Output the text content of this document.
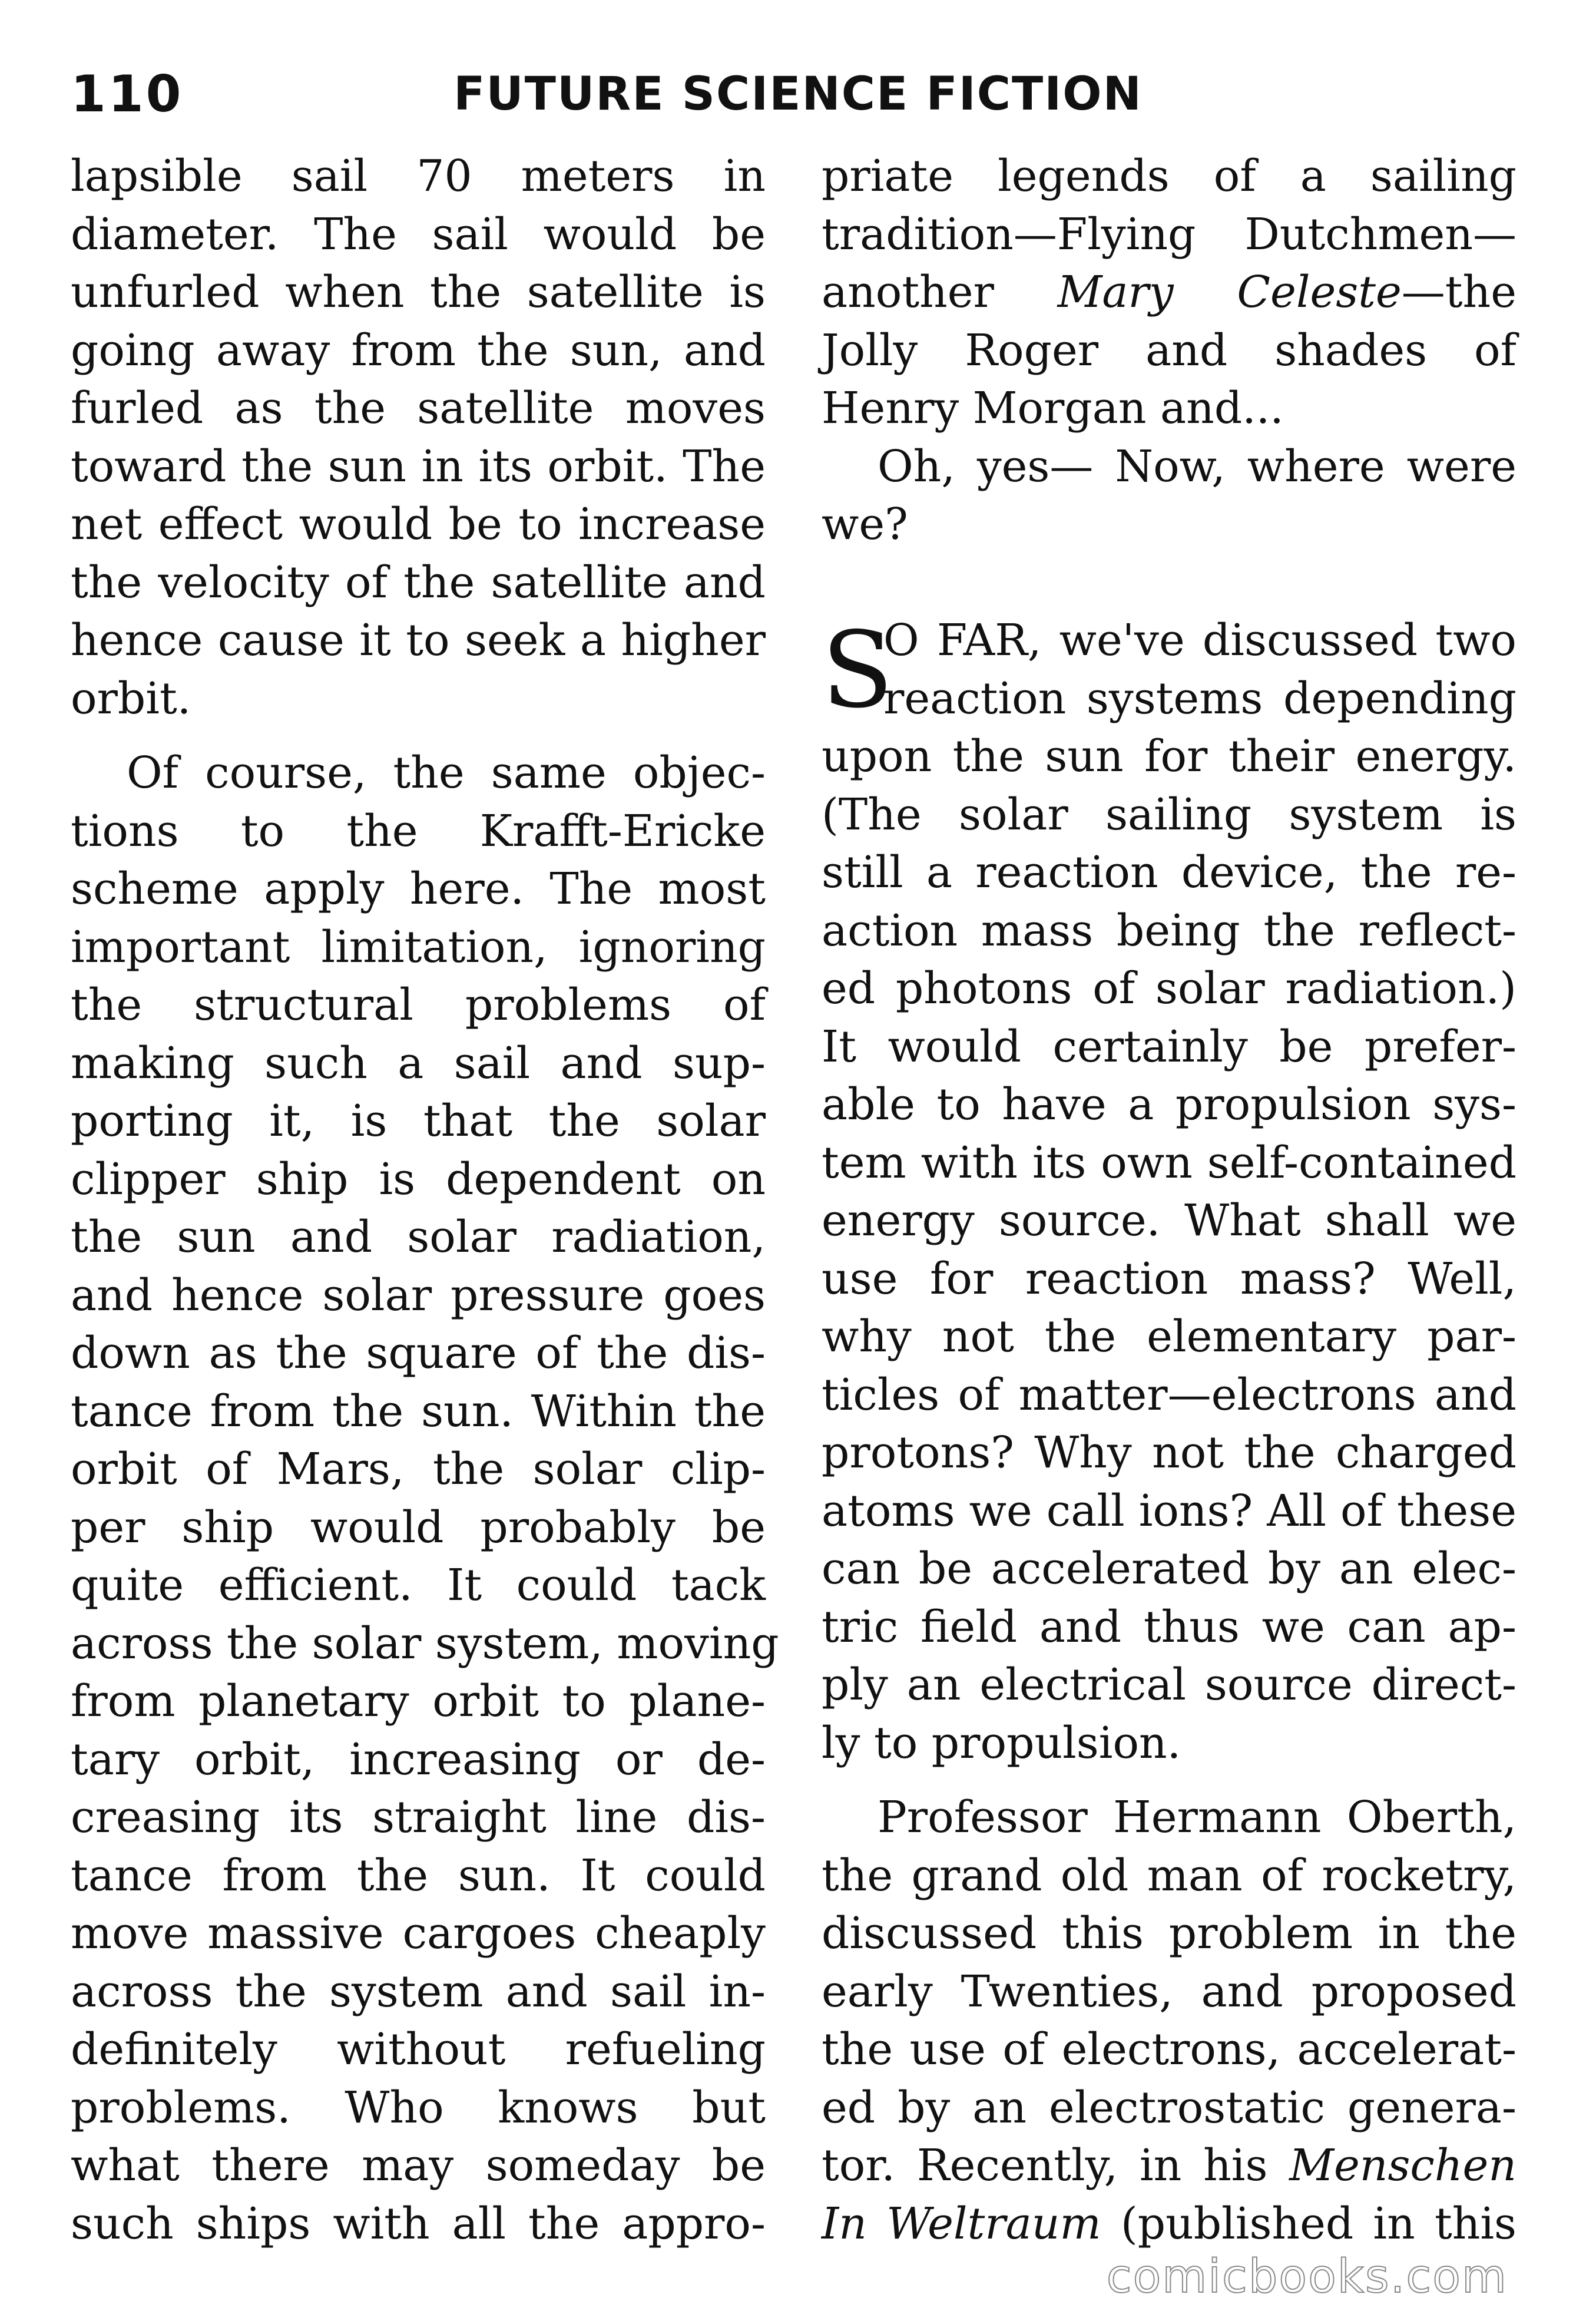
110	FUTURE SCIENCE FICTION
lapsible sail 70 meters in
diameter. The sail would be
unfurled when the satellite is
going away from the sun, and
furled as the satellite moves
toward the sun in its orbit. The
net effect would be to increase
the velocity of the satellite and
hence cause it to seek a higher
orbit.
Of course, the same objec-
tions to the Krafft-Ericke
scheme apply here. The most
important limitation, ignoring
the structural problems of
making such a sail and sup-
porting it, is that the solar
clipper ship is dependent on
the sun and solar radiation,
and hence solar pressure goes
down as the square of the dis-
tance from the sun. Within the
orbit of Mars, the solar clip-
per ship would probably be
quite efficient. It could tack
across the solar system, moving
from planetary orbit to plane-
tary orbit, increasing or de-
creasing its straight line dis-
tance from the sun. It could
move massive cargoes cheaply
across the system and sail in-
definitely without refueling
problems. Who knows but
what there may someday be
such ships with all the appro-
priate legends of a sailing
tradition—Flying Dutchmen—
another Mary Celeste—the
Jolly Roger and shades of
Henry Morgan and...
Oh, yes— Now, where were
we?
S
O FAR, we've discussed two
reaction systems depending
upon the sun for their energy.
(The solar sailing system is
still a reaction device, the re-
action mass being the reflect-
ed photons of solar radiation.)
It would certainly be prefer-
able to have a propulsion sys-
tem with its own self-contained
energy source. What shall we
use for reaction mass? Well,
why not the elementary par-
ticles of matter—electrons and
protons? Why not the charged
atoms we call ions? All of these
can be accelerated by an elec-
tric field and thus we can ap-
ply an electrical source direct-
ly to propulsion.
Professor Hermann Oberth,
the grand old man of rocketry,
discussed this problem in the
early Twenties, and proposed
the use of electrons, accelerat-
ed by an electrostatic genera-
tor. Recently, in his Menschen
In Weltraum (published in this
comicbooks.com
